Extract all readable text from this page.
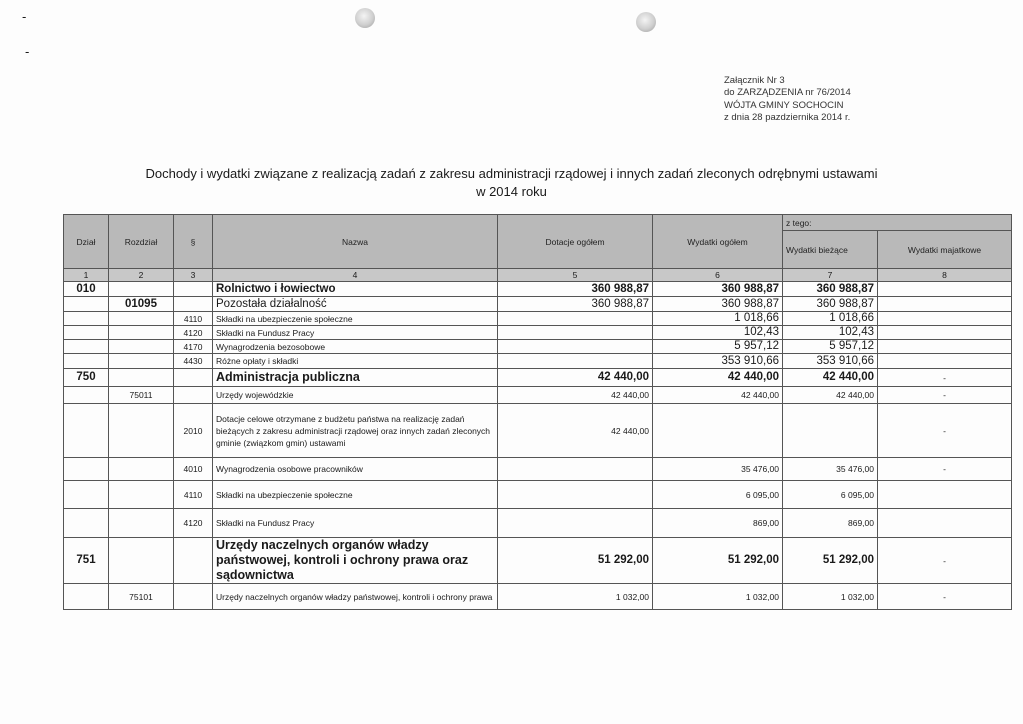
-
-
Załącznik Nr 3
do ZARZĄDZENIA nr 76/2014
WÓJTA GMINY SOCHOCIN
z dnia 28 pazdziernika 2014 r.
Dochody i wydatki związane z realizacją zadań z zakresu administracji rządowej i innych zadań zleconych odrębnymi ustawami
w 2014 roku
Dział	Rozdział	§	Nazwa	Dotacje ogółem	Wydatki ogółem	z tego:	
						Wydatki bieżące	Wydatki majatkowe
1	2	3	4	5	6	7	8
010			Rolnictwo i łowiectwo	360 988,87	360 988,87	360 988,87	
	01095		Pozostała działalność	360 988,87	360 988,87	360 988,87	
		4110	Składki na ubezpieczenie społeczne		1 018,66	1 018,66	
		4120	Składki na Fundusz Pracy		102,43	102,43	
		4170	Wynagrodzenia bezosobowe		5 957,12	5 957,12	
		4430	Różne opłaty i składki		353 910,66	353 910,66	
750			Administracja publiczna	42 440,00	42 440,00	42 440,00	-
	75011		Urzędy wojewódzkie	42 440,00	42 440,00	42 440,00	-
		2010	Dotacje celowe otrzymane z budżetu państwa na realizację zadań bieżących z zakresu administracji rządowej oraz innych zadań zleconych gminie (związkom gmin) ustawami	42 440,00			-
		4010	Wynagrodzenia osobowe pracowników		35 476,00	35 476,00	-
		4110	Składki na ubezpieczenie społeczne		6 095,00	6 095,00	
		4120	Składki na Fundusz Pracy		869,00	869,00	
751			Urzędy naczelnych organów władzy państwowej, kontroli i ochrony prawa oraz sądownictwa	51 292,00	51 292,00	51 292,00	-
	75101		Urzędy naczelnych organów władzy państwowej, kontroli i ochrony prawa	1 032,00	1 032,00	1 032,00	-
